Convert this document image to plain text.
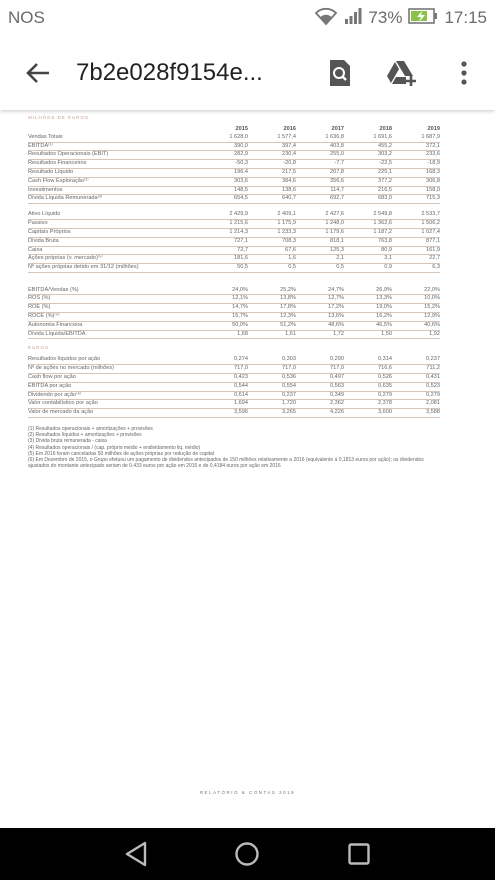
NOS	73% 17:15
7b2e028f9154e...
MILHÕES DE EUROS
	2015	2016	2017	2018	2019
Vendas Totais	1 628,0	1 577,4	1 636,8	1 691,6	1 687,9
EBITDA⁽¹⁾	390,0	397,4	403,8	455,2	372,1
Resultados Operacionais (EBIT)	282,9	230,4	255,0	303,2	233,6
Resultados Financeiros	-50,3	-20,8	-7,7	-22,5	-18,9
Resultado Líquido	196,4	217,5	207,8	225,1	168,3
Cash Flow Exploração⁽²⁾	303,6	384,6	356,6	377,2	306,8
Investimentos	148,5	138,6	114,7	216,5	158,0
Dívida Líquida Remunerada⁽³⁾	654,5	640,7	692,7	683,0	715,3

Ativo Líquido	2 429,9	2 409,1	2 427,6	2 549,8	2 533,7
Passivo	1 215,6	1 175,9	1 248,0	1 362,6	1 506,2
Capitais Próprios	1 214,3	1 233,3	1 179,6	1 187,2	1 027,4
Dívida Bruta	727,1	708,3	818,1	763,8	877,1
Caixa	72,7	67,6	125,3	80,9	161,9
Ações próprias (v. mercado)⁽⁵⁾	181,6	1,6	2,1	3,1	22,7
Nº ações próprias detido em 31/12 (milhões)	50,5	0,5	0,5	0,9	6,3

EBITDA/Vendas (%)	24,0%	25,2%	24,7%	26,9%	22,0%
ROS (%)	12,1%	13,8%	12,7%	13,3%	10,0%
ROE (%)	14,7%	17,8%	17,2%	19,0%	15,2%
ROCE (%)⁽⁴⁾	15,7%	12,3%	13,6%	16,2%	12,9%
Autonomia Financeira	50,0%	51,2%	48,6%	46,5%	40,6%
Dívida Líquida/EBITDA	1,68	1,61	1,72	1,50	1,92
EUROS
Resultados líquidos por ação	0,274	0,303	0,290	0,314	0,237
Nº de ações no mercado (milhões)	717,0	717,0	717,0	716,6	711,2
Cash flow por ação	0,423	0,536	0,497	0,526	0,431
EBITDA por ação	0,544	0,554	0,563	0,635	0,523
Dividendo por ação⁽⁶⁾	0,614	0,237	0,349	0,279	0,279
Valor contabilístico por ação	1,694	1,720	2,362	2,378	2,081
Valor de mercado da ação	3,596	3,265	4,226	3,600	3,588
(1) Resultados operacionais + amortizações + provisões
(2) Resultados líquidos + amortizações + provisões
(3) Dívida bruta remunerada - caixa
(4) Resultados operacionais / (cap. próprio médio + endividamento liq. médio)
(5) Em 2016 foram canceladas 50 milhões de ações próprias por redução de capital
(6) Em Dezembro de 2015, o Grupo efetuou um pagamento de dividendos antecipados de 150 milhões relativamente a 2016 (equivalente a 0,1813 euros por ação); os dividendos ajustados do montante antecipado seriam de 0,433 euros por ação em 2015 e de 0,4184 euros por ação em 2016
RELATÓRIO & CONTAS 2019
